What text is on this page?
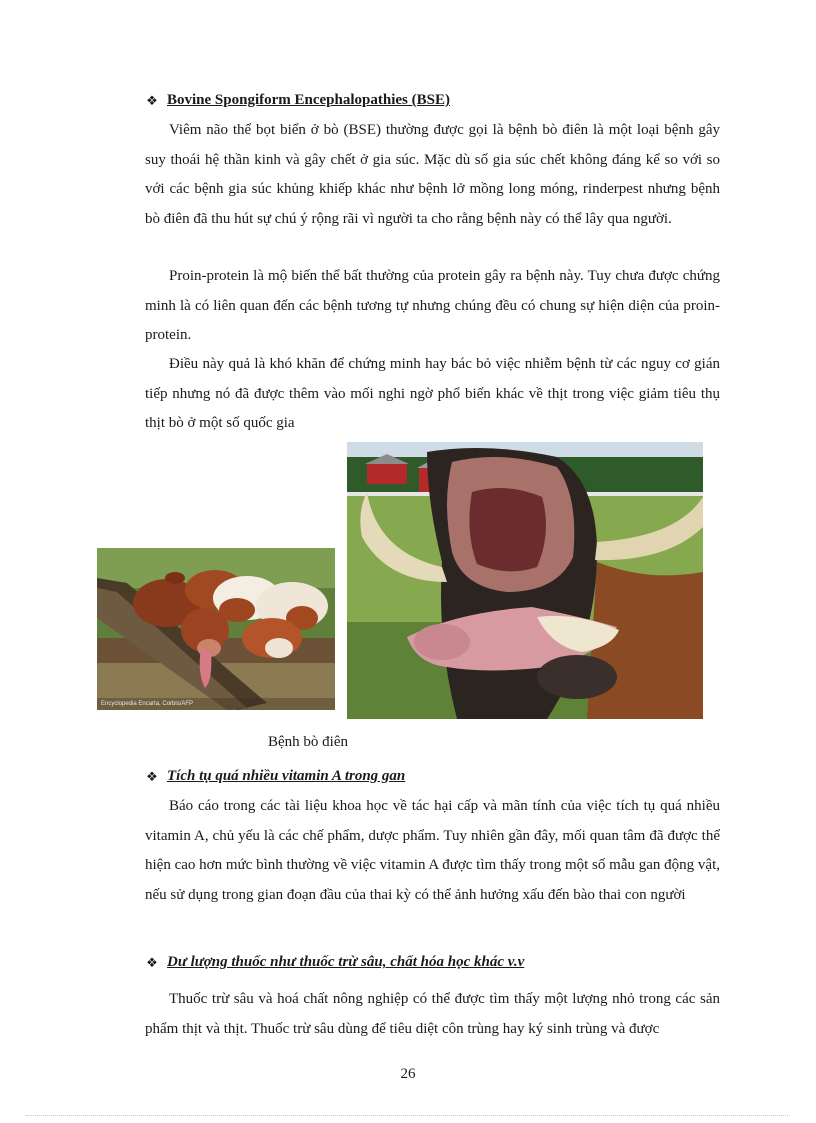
❖ Bovine Spongiform Encephalopathies (BSE)

Viêm não thể bọt biển ở bò (BSE) thường được gọi là bệnh bò điên là một loại bệnh gây suy thoái hệ thần kinh và gây chết ở gia súc. Mặc dù số gia súc chết không đáng kể so với so với các bệnh gia súc khủng khiếp khác như bệnh lở mồng long móng, rinderpest nhưng bệnh bò điên đã thu hút sự chú ý rộng rãi vì người ta cho rằng bệnh này có thể lây qua người.

Proin-protein là mộ biến thể bất thường của protein gây ra bệnh này. Tuy chưa được chứng minh là có liên quan đến các bệnh tương tự nhưng chúng đều có chung sự hiện diện của proin-protein.

Điều này quả là khó khăn để chứng minh hay bác bỏ việc nhiễm bệnh từ các nguy cơ gián tiếp nhưng nó đã được thêm vào mối nghi ngờ phổ biến khác về thịt trong việc giảm tiêu thụ thịt bò ở một số quốc gia

Encyclopedia Encarta, Corbis/AFP
Bệnh bò điên
❖ Tích tụ quá nhiều vitamin A trong gan

Báo cáo trong các tài liệu khoa học về tác hại cấp và mãn tính của việc tích tụ quá nhiều vitamin A, chủ yếu là các chế phẩm, dược phẩm. Tuy nhiên gần đây, mối quan tâm đã được thể hiện cao hơn mức bình thường về việc vitamin A được tìm thấy trong một số mẫu gan động vật, nếu sử dụng trong gian đoạn đầu của thai kỳ có thể ảnh hưởng xấu đến bào thai con người

❖ Dư lượng thuốc như thuốc trừ sâu, chất hóa học khác v.v

Thuốc trừ sâu và hoá chất nông nghiệp có thể được tìm thấy một lượng nhỏ trong các sản phẩm thịt và thịt. Thuốc trừ sâu dùng để tiêu diệt côn trùng hay ký sinh trùng và được

26
